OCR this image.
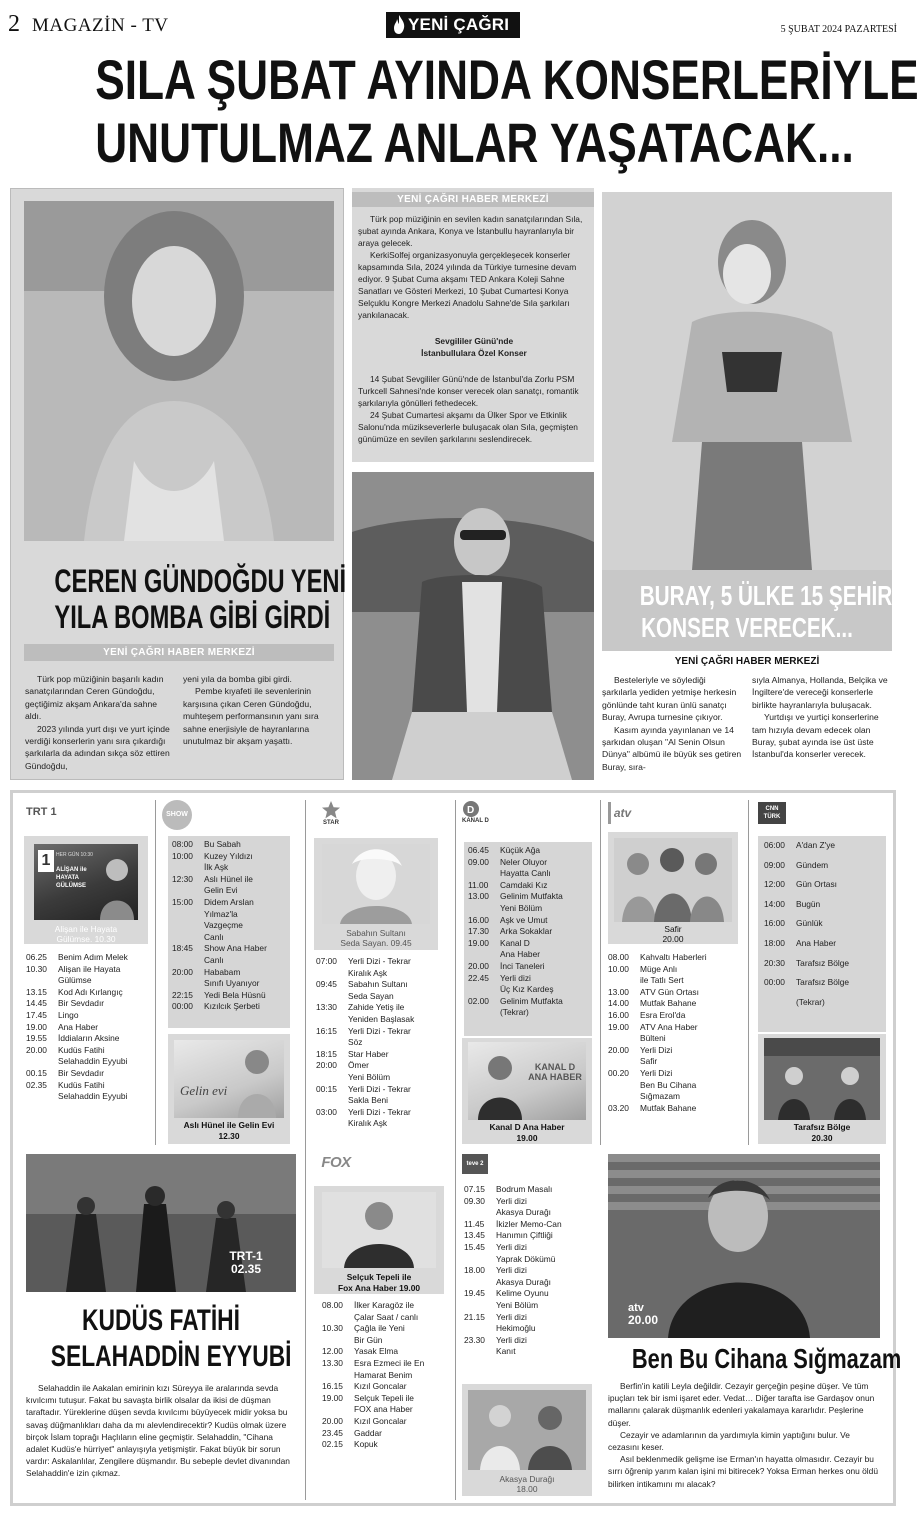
2 MAGAZİN - TV	YENİ ÇAĞRI	5 ŞUBAT 2024 PAZARTESİ
SILA ŞUBAT AYINDA KONSERLERİYLE
UNUTULMAZ ANLAR YAŞATACAK...
CEREN GÜNDOĞDU YENİ
YILA BOMBA GİBİ GİRDİ
YENİ ÇAĞRI HABER MERKEZİ

Türk pop müziğinin başarılı kadın sanatçılarından Ceren Gündoğdu, geçtiğimiz akşam Ankara'da sahne aldı.

2023 yılında yurt dışı ve yurt içinde verdiği konserlerin yanı sıra çıkardığı şarkılarla da adından sıkça söz ettiren Gündoğdu,

yeni yıla da bomba gibi girdi.

Pembe kıyafeti ile sevenlerinin karşısına çıkan Ceren Gündoğdu, muhteşem performansının yanı sıra sahne enerjisiyle de hayranlarına unutulmaz bir akşam yaşattı.

YENİ ÇAĞRI HABER MERKEZİ

Türk pop müziğinin en sevilen kadın sanatçılarından Sıla, şubat ayında Ankara, Konya ve İstanbullu hayranlarıyla bir araya gelecek.

KerkiSolfej organizasyonuyla gerçekleşecek konserler kapsamında Sıla, 2024 yılında da Türkiye turnesine devam ediyor. 9 Şubat Cuma akşamı TED Ankara Koleji Sahne Sanatları ve Gösteri Merkezi, 10 Şubat Cumartesi Konya Selçuklu Kongre Merkezi Anadolu Sahne'de Sıla şarkıları yankılanacak.

Sevgililer Günü'nde
İstanbullulara Özel Konser

14 Şubat Sevgililer Günü'nde de İstanbul'da Zorlu PSM Turkcell Sahnesi'nde konser verecek olan sanatçı, romantik şarkılarıyla gönülleri fethedecek.

24 Şubat Cumartesi akşamı da Ülker Spor ve Etkinlik Salonu'nda müzikseverlerle buluşacak olan Sıla, geçmişten günümüze en sevilen şarkılarını seslendirecek.

BURAY, 5 ÜLKE 15 ŞEHİRDE
KONSER VERECEK...
YENİ ÇAĞRI HABER MERKEZİ

Besteleriyle ve söylediği şarkılarla yediden yetmişe herkesin gönlünde taht kuran ünlü sanatçı Buray, Avrupa turnesine çıkıyor.

Kasım ayında yayınlanan ve 14 şarkıdan oluşan "Al Senin Olsun Dünya" albümü ile büyük ses getiren Buray, sıra-

sıyla Almanya, Hollanda, Belçika ve İngiltere'de vereceği konserlerle birlikte hayranlarıyla buluşacak.

Yurtdışı ve yurtiçi konserlerine tam hızıyla devam edecek olan Buray, şubat ayında ise üst üste İstanbul'da konserler verecek.

TRT 1
1	HER GÜN 10:30
ALİŞAN ile HAYATA GÜLÜMSE
Alişan ile Hayata
Gülümse. 10.30
06.25	Benim Adım Melek
10.30	Alişan ile Hayata
Gülümse
13.15	Kod Adı Kırlangıç
14.45	Bir Sevdadır
17.45	Lingo
19.00	Ana Haber
19.55	İddiaların Aksine
20.00	Kudüs Fatihi
Selahaddin Eyyubi
00.15	Bir Sevdadır
02.35	Kudüs Fatihi
Selahaddin Eyyubi
SHOW
08:00	Bu Sabah
10:00	Kuzey Yıldızı
İlk Aşk
12:30	Aslı Hünel ile
Gelin Evi
15:00	Didem Arslan
Yılmaz'la
Vazgeçme
Canlı
18:45	Show Ana Haber
Canlı
20:00	Hababam
Sınıfı Uyanıyor
22:15	Yedi Bela Hüsnü
00:00	Kızılcık Şerbeti
Gelin evi
Aslı Hünel ile Gelin Evi
12.30
STAR
Sabahın Sultanı
Seda Sayan. 09.45
07:00	Yerli Dizi - Tekrar
Kiralık Aşk
09:45	Sabahın Sultanı
Seda Sayan
13:30	Zahide Yetiş ile
Yeniden Başlasak
16:15	Yerli Dizi - Tekrar
Söz
18:15	Star Haber
20:00	Ömer
Yeni Bölüm
00:15	Yerli Dizi - Tekrar
Sakla Beni
03:00	Yerli Dizi - Tekrar
Kiralık Aşk
D
KANAL D
06.45	Küçük Ağa
09.00	Neler Oluyor
Hayatta Canlı
11.00	Camdaki Kız
13.00	Gelinim Mutfakta
Yeni Bölüm
16.00	Aşk ve Umut
17.30	Arka Sokaklar
19.00	Kanal D
Ana Haber
20.00	İnci Taneleri
22.45	Yerli dizi
Üç Kız Kardeş
02.00	Gelinim Mutfakta
(Tekrar)
KANAL D ANA HABER
Kanal D Ana Haber
19.00
atv
Safir
20.00
08.00	Kahvaltı Haberleri
10.00	Müge Anlı
ile Tatlı Sert
13.00	ATV Gün Ortası
14.00	Mutfak Bahane
16.00	Esra Erol'da
19.00	ATV Ana Haber
Bülteni
20.00	Yerli Dizi
Safir
00.20	Yerli Dizi
Ben Bu Cihana
Sığmazam
03.20	Mutfak Bahane
CNN TÜRK
06:00	A'dan Z'ye
09:00	Gündem
12:00	Gün Ortası
14:00	Bugün
16:00	Günlük
18:00	Ana Haber
20:30	Tarafsız Bölge
00:00	Tarafsız Bölge
(Tekrar)
Tarafsız Bölge
20.30
TRT-1
02.35
KUDÜS FATİHİ
SELAHADDİN EYYUBİ

Selahaddin ile Aakalan emirinin kızı Süreyya ile aralarında sevda kıvılcımı tutuşur. Fakat bu savaşta birlik olsalar da ikisi de düşman taraftadır. Yüreklerine düşen sevda kıvılcımı büyüyecek midir yoksa bu savaş düğmanlıkları daha da mı alevlendirecektir? Kudüs olmak üzere birçok İslam toprağı Haçlıların eline geçmiştir. Selahaddin, "Cihana adalet Kudüs'e hürriyet" anlayışıyla yetişmiştir. Fakat büyük bir sorun vardır: Askalanlılar, Zengilere düşmandır. Bu sebeple devlet divanından Selahaddin'e izin çıkmaz.

FOX
Selçuk Tepeli ile
Fox Ana Haber 19.00
08.00	İlker Karagöz ile
Çalar Saat / canlı
10.30	Çağla ile Yeni
Bir Gün
12.00	Yasak Elma
13.30	Esra Ezmeci ile En
Hamarat Benim
16.15	Kızıl Goncalar
19.00	Selçuk Tepeli ile
FOX ana Haber
20.00	Kızıl Goncalar
23.45	Gaddar
02.15	Kopuk
teve 2
07.15	Bodrum Masalı
09.30	Yerli dizi
Akasya Durağı
11.45	İkizler Memo-Can
13.45	Hanımın Çiftliği
15.45	Yerli dizi
Yaprak Dökümü
18.00	Yerli dizi
Akasya Durağı
19.45	Kelime Oyunu
Yeni Bölüm
21.15	Yerli dizi
Hekimoğlu
23.30	Yerli dizi
Kanıt
Akasya Durağı
18.00
atv
20.00
Ben Bu Cihana Sığmazam

Berfin'in katili Leyla değildir. Cezayir gerçeğin peşine düşer. Ve tüm ipuçları tek bir ismi işaret eder. Vedat… Diğer tarafta ise Gardaşov onun mallarını çalarak düşmanlık edenleri yakalamaya kararlıdır. Peşlerine düşer.

Cezayir ve adamlarının da yardımıyla kimin yaptığını bulur. Ve cezasını keser.

Asıl beklenmedik gelişme ise Erman'ın hayatta olmasıdır. Cezayir bu sırrı öğrenip yarım kalan işini mi bitirecek? Yoksa Erman herkes onu öldü bilirken intikamını mı alacak?
